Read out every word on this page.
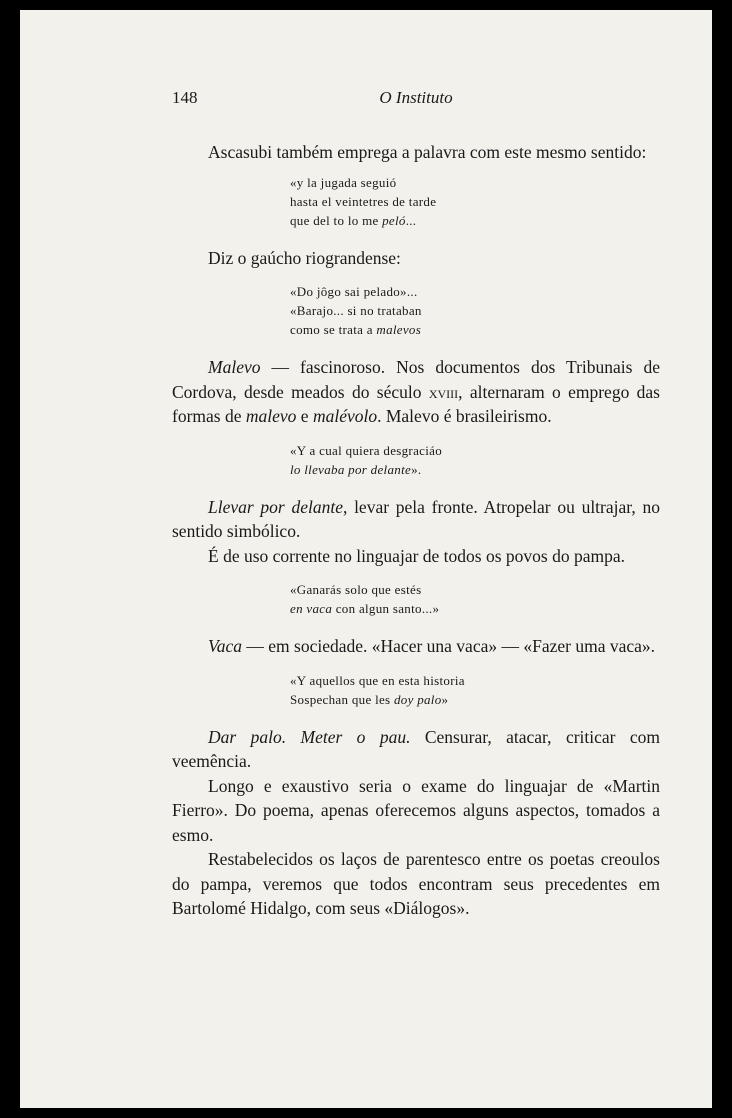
148	O Instituto

Ascasubi também emprega a palavra com este mesmo sentido:

«y la jugada seguió
hasta el veintetres de tarde
que del to lo me peló...

Diz o gaúcho riograndense:

«Do jôgo sai pelado»...
«Barajo... si no trataban
como se trata a malevos

Malevo — fascinoroso. Nos documentos dos Tribunais de Cordova, desde meados do século xviii, alternaram o emprego das formas de malevo e malévolo. Malevo é brasileirismo.

«Y a cual quiera desgraciáo
lo llevaba por delante».

Llevar por delante, levar pela fronte. Atropelar ou ultrajar, no sentido simbólico.

É de uso corrente no linguajar de todos os povos do pampa.

«Ganarás solo que estés
en vaca con algun santo...»

Vaca — em sociedade. «Hacer una vaca» — «Fazer uma vaca».

«Y aquellos que en esta historia
Sospechan que les doy palo»

Dar palo. Meter o pau. Censurar, atacar, criticar com veemência.

Longo e exaustivo seria o exame do linguajar de «Martin Fierro». Do poema, apenas oferecemos alguns aspectos, tomados a esmo.

Restabelecidos os laços de parentesco entre os poetas creoulos do pampa, veremos que todos encontram seus precedentes em Bartolomé Hidalgo, com seus «Diálogos».
